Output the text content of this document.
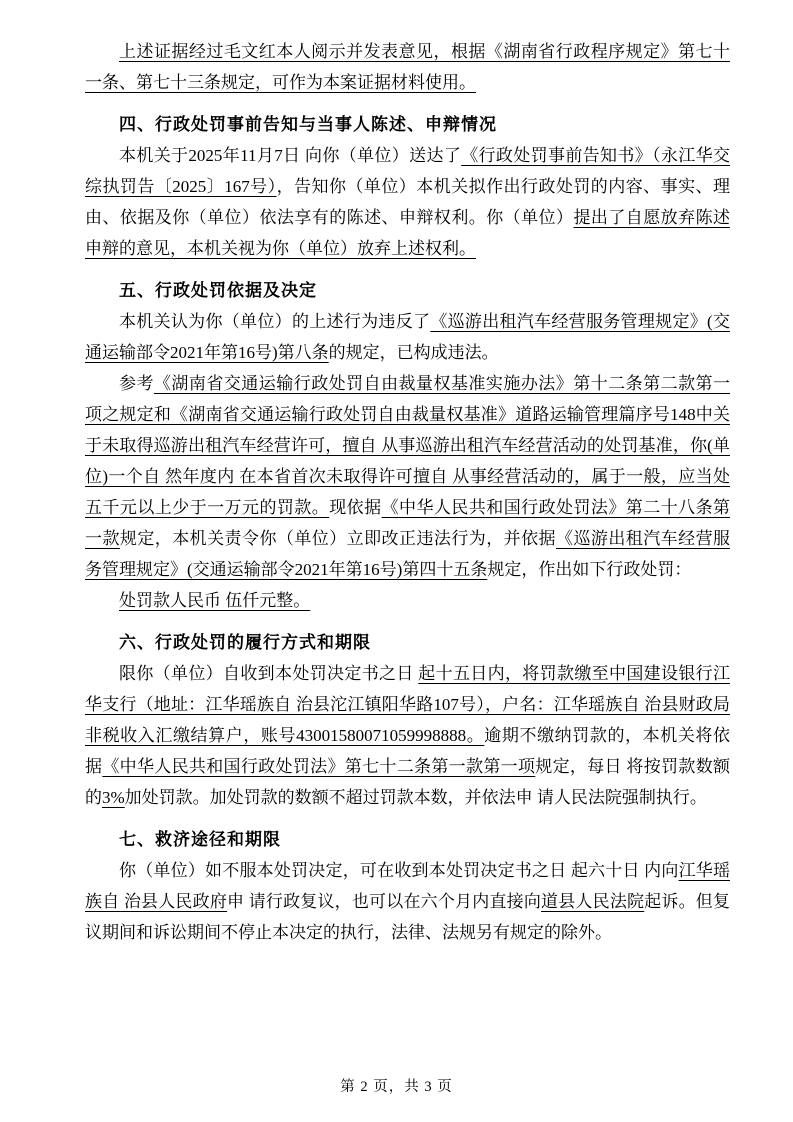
上述证据经过毛文红本人阅示并发表意见，根据《湖南省行政程序规定》第七十一条、第七十三条规定，可作为本案证据材料使用。

四、行政处罚事前告知与当事人陈述、申辩情况

本机关于2025年11月7日 向你（单位）送达了《行政处罚事前告知书》（永江华交综执罚告〔2025〕167号），告知你（单位）本机关拟作出行政处罚的内容、事实、理由、依据及你（单位）依法享有的陈述、申辩权利。你（单位）提出了自愿放弃陈述申辩的意见，本机关视为你（单位）放弃上述权利。

五、行政处罚依据及决定

本机关认为你（单位）的上述行为违反了《巡游出租汽车经营服务管理规定》(交通运输部令2021年第16号)第八条的规定，已构成违法。

参考《湖南省交通运输行政处罚自由裁量权基准实施办法》第十二条第二款第一项之规定和《湖南省交通运输行政处罚自由裁量权基准》道路运输管理篇序号148中关于未取得巡游出租汽车经营许可，擅自 从事巡游出租汽车经营活动的处罚基准，你(单位)一个自 然年度内 在本省首次未取得许可擅自 从事经营活动的，属于一般，应当处五千元以上少于一万元的罚款。现依据《中华人民共和国行政处罚法》第二十八条第一款规定，本机关责令你（单位）立即改正违法行为，并依据《巡游出租汽车经营服务管理规定》(交通运输部令2021年第16号)第四十五条规定，作出如下行政处罚：

处罚款人民币 伍仟元整。

六、行政处罚的履行方式和期限

限你（单位）自收到本处罚决定书之日 起十五日内，将罚款缴至中国建设银行江华支行（地址：江华瑶族自 治县沱江镇阳华路107号），户名：江华瑶族自 治县财政局非税收入汇缴结算户，账号43001580071059998888。逾期不缴纳罚款的，本机关将依据《中华人民共和国行政处罚法》第七十二条第一款第一项规定，每日 将按罚款数额的3%加处罚款。加处罚款的数额不超过罚款本数，并依法申 请人民法院强制执行。

七、救济途径和期限

你（单位）如不服本处罚决定，可在收到本处罚决定书之日 起六十日 内向江华瑶族自 治县人民政府申 请行政复议，也可以在六个月内直接向道县人民法院起诉。但复议期间和诉讼期间不停止本决定的执行，法律、法规另有规定的除外。

第 2 页，共 3 页
